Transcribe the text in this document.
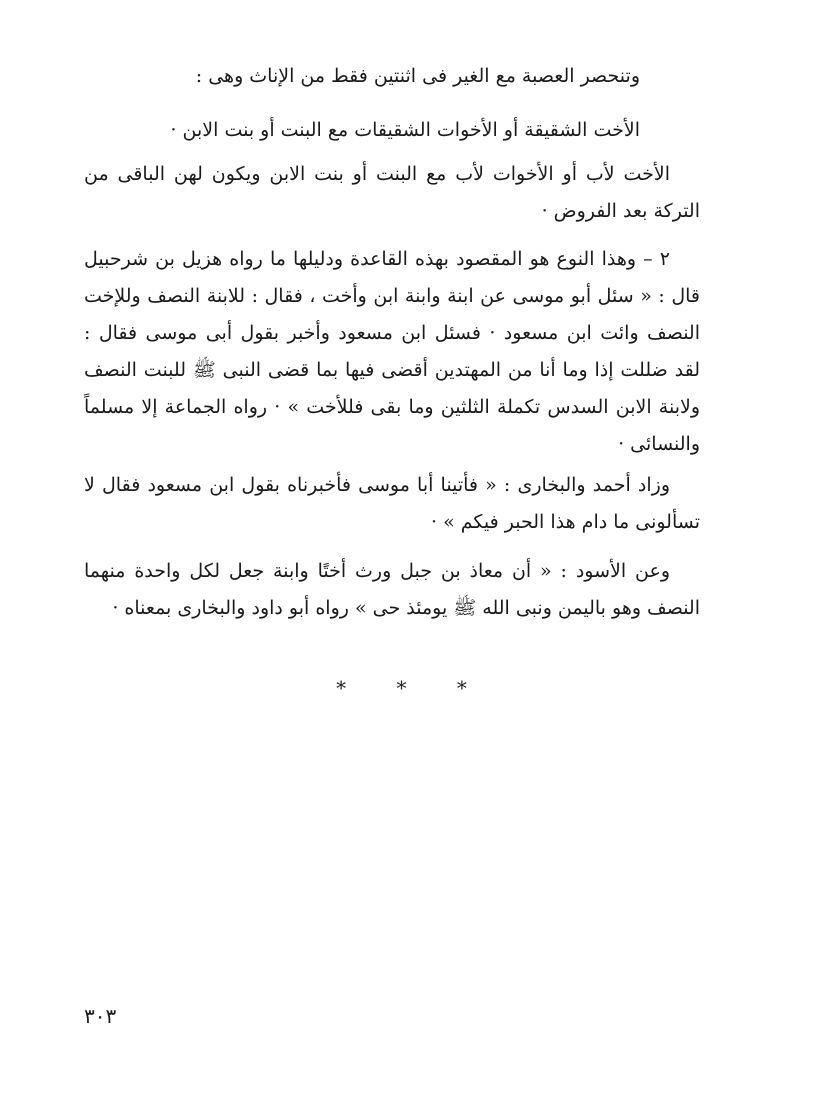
وتنحصر العصبة مع الغير فى اثنتين فقط من الإناث وهى :

الأخت الشقيقة أو الأخوات الشقيقات مع البنت أو بنت الابن ·

الأخت لأب أو الأخوات لأب مع البنت أو بنت الابن ويكون لهن الباقى من التركة بعد الفروض ·

٢ – وهذا النوع هو المقصود بهذه القاعدة ودليلها ما رواه هزيل بن شرحبيل قال : « سئل أبو موسى عن ابنة وابنة ابن وأخت ، فقال : للابنة النصف وللإخت النصف وائت ابن مسعود · فسئل ابن مسعود وأخبر بقول أبى موسى فقال : لقد ضللت إذا وما أنا من المهتدين أقضى فيها بما قضى النبى ﷺ للبنت النصف ولابنة الابن السدس تكملة الثلثين وما بقى فللأخت » · رواه الجماعة إلا مسلماً والنسائى ·

وزاد أحمد والبخارى : « فأتينا أبا موسى فأخبرناه بقول ابن مسعود فقال لا تسألونى ما دام هذا الحبر فيكم » ·

وعن الأسود : « أن معاذ بن جبل ورث أختًا وابنة جعل لكل واحدة منهما النصف وهو باليمن ونبى الله ﷺ يومئذ حى » رواه أبو داود والبخارى بمعناه ·

* * *
٣٠٣
